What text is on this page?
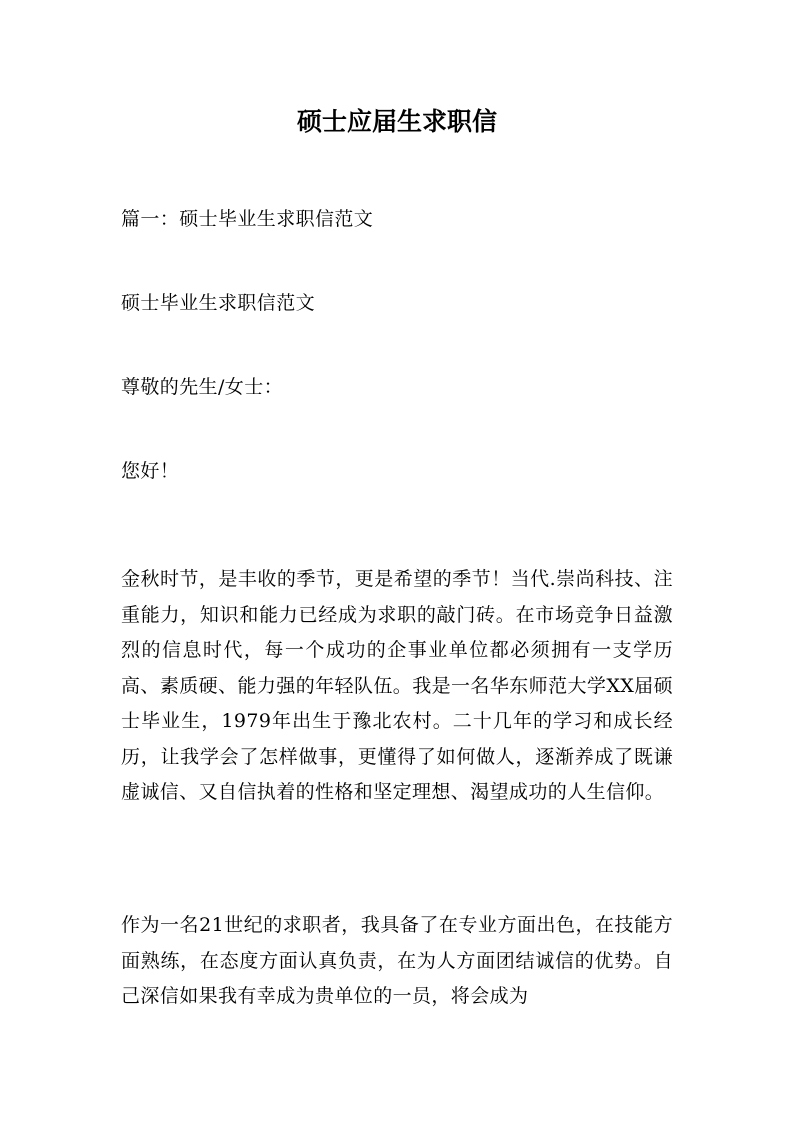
硕士应届生求职信

篇一：硕士毕业生求职信范文

硕士毕业生求职信范文

尊敬的先生/女士：

您好！

金秋时节，是丰收的季节，更是希望的季节！当代.崇尚科技、注重能力，知识和能力已经成为求职的敲门砖。在市场竞争日益激烈的信息时代，每一个成功的企事业单位都必须拥有一支学历高、素质硬、能力强的年轻队伍。我是一名华东师范大学XX届硕士毕业生，1979年出生于豫北农村。二十几年的学习和成长经历，让我学会了怎样做事，更懂得了如何做人，逐渐养成了既谦虚诚信、又自信执着的性格和坚定理想、渴望成功的人生信仰。

作为一名21世纪的求职者，我具备了在专业方面出色，在技能方面熟练，在态度方面认真负责，在为人方面团结诚信的优势。自己深信如果我有幸成为贵单位的一员，将会成为
